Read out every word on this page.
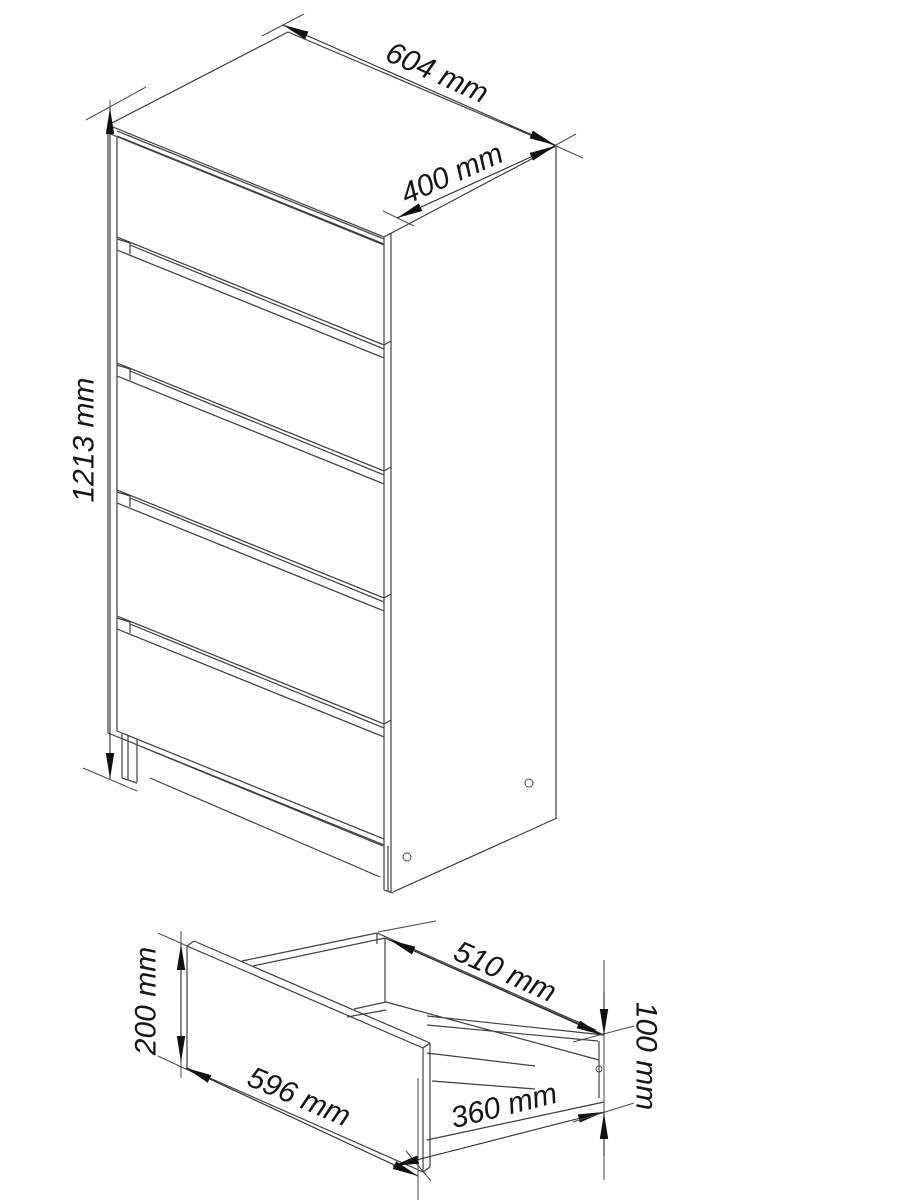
604 mm
400 mm
1213 mm
200 mm
596 mm
510 mm
360 mm 100 mm
